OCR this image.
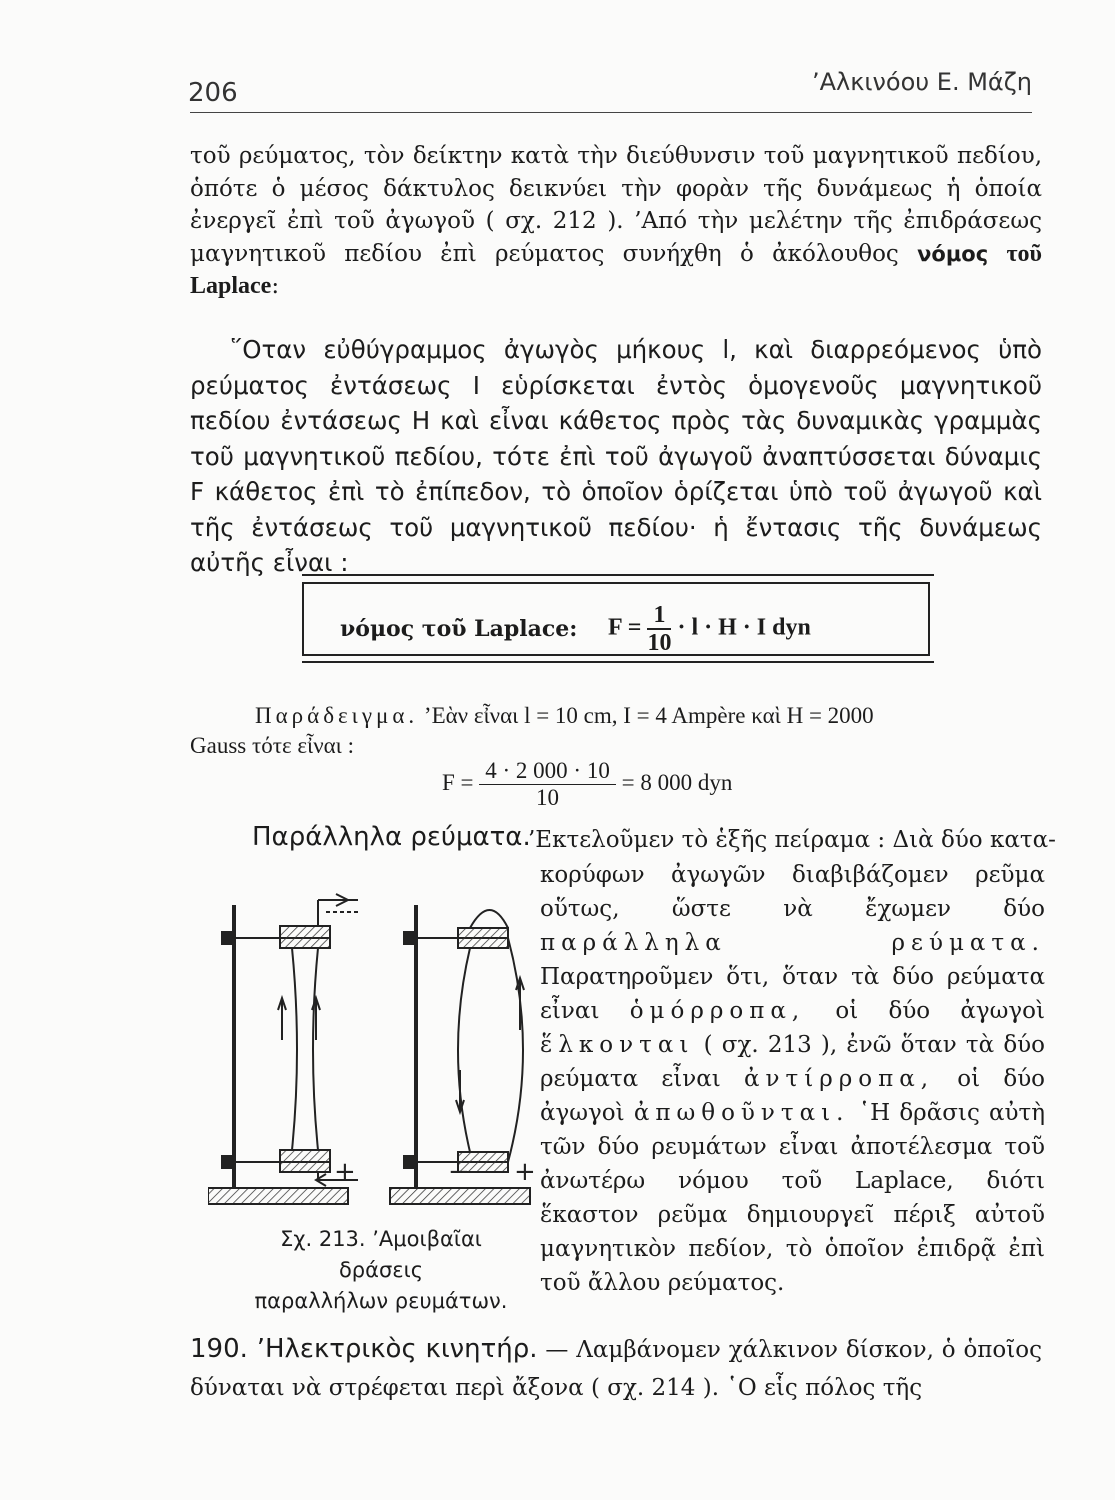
206	’Αλκινόου Ε. Μάζη

τοῦ ρεύματος, τὸν δείκτην κατὰ τὴν διεύθυνσιν τοῦ μαγνητικοῦ πεδίου, ὁπότε ὁ μέσος δάκτυλος δεικνύει τὴν φορὰν τῆς δυνάμεως ἡ ὁποία ἐνεργεῖ ἐπὶ τοῦ ἀγωγοῦ ( σχ. 212 ). ’Από τὴν μελέτην τῆς ἐπιδράσεως μαγνητικοῦ πεδίου ἐπὶ ρεύματος συνήχθη ὁ ἀκόλουθος νόμος τοῦ Laplace:

῞Οταν εὐθύγραμμος ἀγωγὸς μήκους l, καὶ διαρρεόμενος ὑπὸ ρεύματος ἐντάσεως I εὑρίσκεται ἐντὸς ὁμογενοῦς μαγνητικοῦ πεδίου ἐντάσεως H καὶ εἶναι κάθετος πρὸς τὰς δυναμικὰς γραμμὰς τοῦ μαγνητικοῦ πεδίου, τότε ἐπὶ τοῦ ἀγωγοῦ ἀναπτύσσεται δύναμις F κάθετος ἐπὶ τὸ ἐπίπεδον, τὸ ὁποῖον ὁρίζεται ὑπὸ τοῦ ἀγωγοῦ καὶ τῆς ἐντάσεως τοῦ μαγνητικοῦ πεδίου· ἡ ἔντασις τῆς δυνάμεως αὐτῆς εἶναι :

νόμος τοῦ Laplace: $F = \frac{1}{10} \cdot l \cdot H \cdot I$ dyn
Παράδειγμα. ’Εὰν εἶναι l = 10 cm, I = 4 Ampère καὶ H = 2000
Gauss τότε εἶναι :
$F = \frac{4 \cdot 2 000 \cdot 10}{10} = 8$ 000 dyn
Παράλληλα ρεύματα.
’Εκτελοῦμεν τὸ ἑξῆς πείραμα : Διὰ δύο κατα-

κορύφων ἀγωγῶν διαβιβάζομεν ρεῦμα οὕτως, ὥστε νὰ ἔχωμεν δύο παράλληλα ρεύματα. Παρατηροῦμεν ὅτι, ὅταν τὰ δύο ρεύματα εἶναι ὁμόρροπα, οἱ δύο ἀγωγοὶ ἕλκονται ( σχ. 213 ), ἐνῶ ὅταν τὰ δύο ρεύματα εἶναι ἀντίρροπα, οἱ δύο ἀγωγοὶ ἀπωθοῦνται. ῾Η δρᾶσις αὐτὴ τῶν δύο ρευμάτων εἶναι ἀποτέλεσμα τοῦ ἀνωτέρω νόμου τοῦ Laplace, διότι ἕκαστον ρεῦμα δημιουργεῖ πέριξ αὐτοῦ μαγνητικὸν πεδίον, τὸ ὁποῖον ἐπιδρᾷ ἐπὶ τοῦ ἄλλου ρεύματος.

+	− +
Σχ. 213. ’Αμοιβαῖαι δράσεις
παραλλήλων ρευμάτων.

190. ’Ηλεκτρικὸς κινητήρ. — Λαμβάνομεν χάλκινον δίσκον, ὁ ὁποῖος δύναται νὰ στρέφεται περὶ ἄξονα ( σχ. 214 ). ῾Ο εἷς πόλος τῆς
